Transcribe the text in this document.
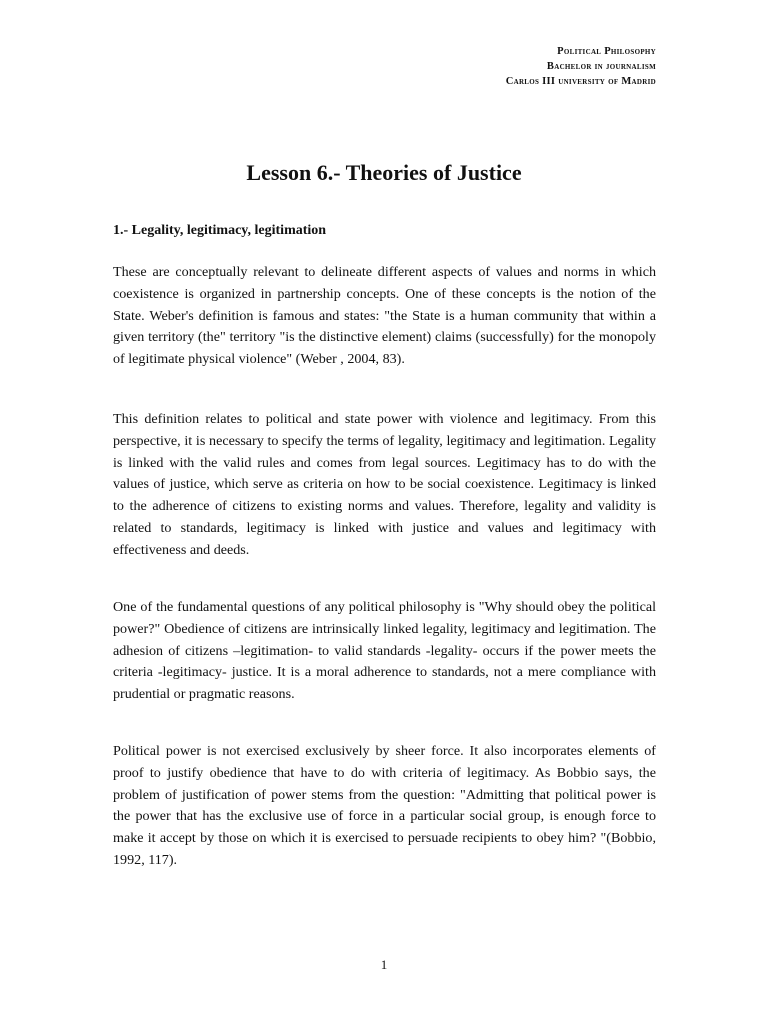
Political Philosophy
Bachelor in journalism
Carlos III university of Madrid
Lesson 6.- Theories of Justice
1.- Legality, legitimacy, legitimation

These are conceptually relevant to delineate different aspects of values and norms in which coexistence is organized in partnership concepts. One of these concepts is the notion of the State. Weber's definition is famous and states: "the State is a human community that within a given territory (the" territory "is the distinctive element) claims (successfully) for the monopoly of legitimate physical violence" (Weber , 2004, 83).

This definition relates to political and state power with violence and legitimacy. From this perspective, it is necessary to specify the terms of legality, legitimacy and legitimation. Legality is linked with the valid rules and comes from legal sources. Legitimacy has to do with the values of justice, which serve as criteria on how to be social coexistence. Legitimacy is linked to the adherence of citizens to existing norms and values. Therefore, legality and validity is related to standards, legitimacy is linked with justice and values and legitimacy with effectiveness and deeds.

One of the fundamental questions of any political philosophy is "Why should obey the political power?" Obedience of citizens are intrinsically linked legality, legitimacy and legitimation. The adhesion of citizens –legitimation- to valid standards -legality- occurs if the power meets the criteria -legitimacy- justice. It is a moral adherence to standards, not a mere compliance with prudential or pragmatic reasons.

Political power is not exercised exclusively by sheer force. It also incorporates elements of proof to justify obedience that have to do with criteria of legitimacy. As Bobbio says, the problem of justification of power stems from the question: "Admitting that political power is the power that has the exclusive use of force in a particular social group, is enough force to make it accept by those on which it is exercised to persuade recipients to obey him? "(Bobbio, 1992, 117).

1
